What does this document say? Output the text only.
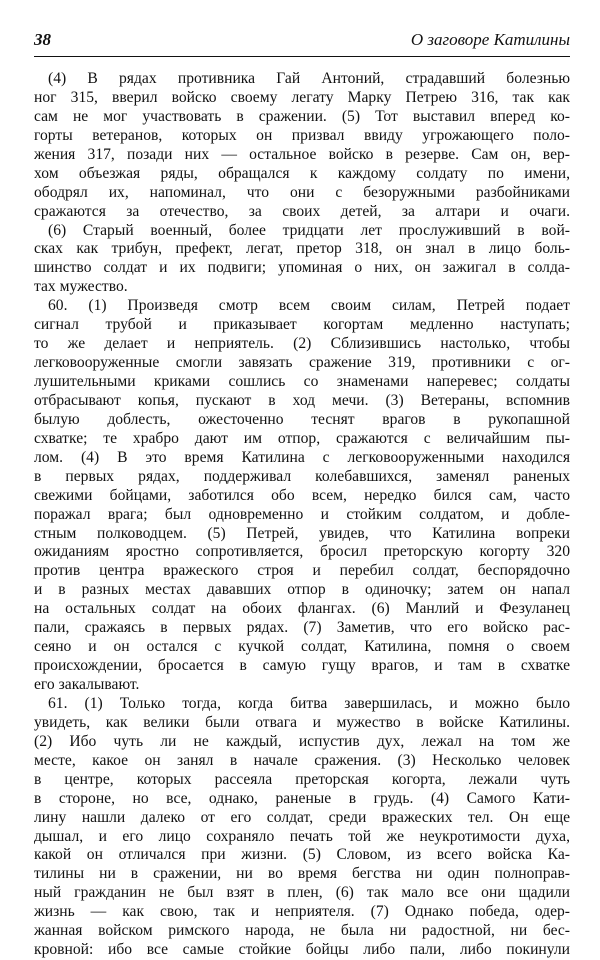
38	О заговоре Катилины
(4) В рядах противника Гай Антоний, страдавший болезнью
ног 315, вверил войско своему легату Марку Петрею 316, так как
сам не мог участвовать в сражении. (5) Тот выставил вперед ко-
горты ветеранов, которых он призвал ввиду угрожающего поло-
жения 317, позади них — остальное войско в резерве. Сам он, вер-
хом объезжая ряды, обращался к каждому солдату по имени,
ободрял их, напоминал, что они с безоружными разбойниками
сражаются за отечество, за своих детей, за алтари и очаги.
(6) Старый военный, более тридцати лет прослуживший в вой-
сках как трибун, префект, легат, претор 318, он знал в лицо боль-
шинство солдат и их подвиги; упоминая о них, он зажигал в солда-
тах мужество.
60. (1) Произведя смотр всем своим силам, Петрей подает
сигнал трубой и приказывает когортам медленно наступать;
то же делает и неприятель. (2) Сблизившись настолько, чтобы
легковооруженные смогли завязать сражение 319, противники с ог-
лушительными криками сошлись со знаменами наперевес; солдаты
отбрасывают копья, пускают в ход мечи. (3) Ветераны, вспомнив
былую доблесть, ожесточенно теснят врагов в рукопашной
схватке; те храбро дают им отпор, сражаются с величайшим пы-
лом. (4) В это время Катилина с легковооруженными находился
в первых рядах, поддерживал колебавшихся, заменял раненых
свежими бойцами, заботился обо всем, нередко бился сам, часто
поражал врага; был одновременно и стойким солдатом, и добле-
стным полководцем. (5) Петрей, увидев, что Катилина вопреки
ожиданиям яростно сопротивляется, бросил преторскую когорту 320
против центра вражеского строя и перебил солдат, беспорядочно
и в разных местах дававших отпор в одиночку; затем он напал
на остальных солдат на обоих флангах. (6) Манлий и Фезуланец
пали, сражаясь в первых рядах. (7) Заметив, что его войско рас-
сеяно и он остался с кучкой солдат, Катилина, помня о своем
происхождении, бросается в самую гущу врагов, и там в схватке
его закалывают.
61. (1) Только тогда, когда битва завершилась, и можно было
увидеть, как велики были отвага и мужество в войске Катилины.
(2) Ибо чуть ли не каждый, испустив дух, лежал на том же
месте, какое он занял в начале сражения. (3) Несколько человек
в центре, которых рассеяла преторская когорта, лежали чуть
в стороне, но все, однако, раненые в грудь. (4) Самого Кати-
лину нашли далеко от его солдат, среди вражеских тел. Он еще
дышал, и его лицо сохраняло печать той же неукротимости духа,
какой он отличался при жизни. (5) Словом, из всего войска Ка-
тилины ни в сражении, ни во время бегства ни один полноправ-
ный гражданин не был взят в плен, (6) так мало все они щадили
жизнь — как свою, так и неприятеля. (7) Однако победа, одер-
жанная войском римского народа, не была ни радостной, ни бес-
кровной: ибо все самые стойкие бойцы либо пали, либо покинули
